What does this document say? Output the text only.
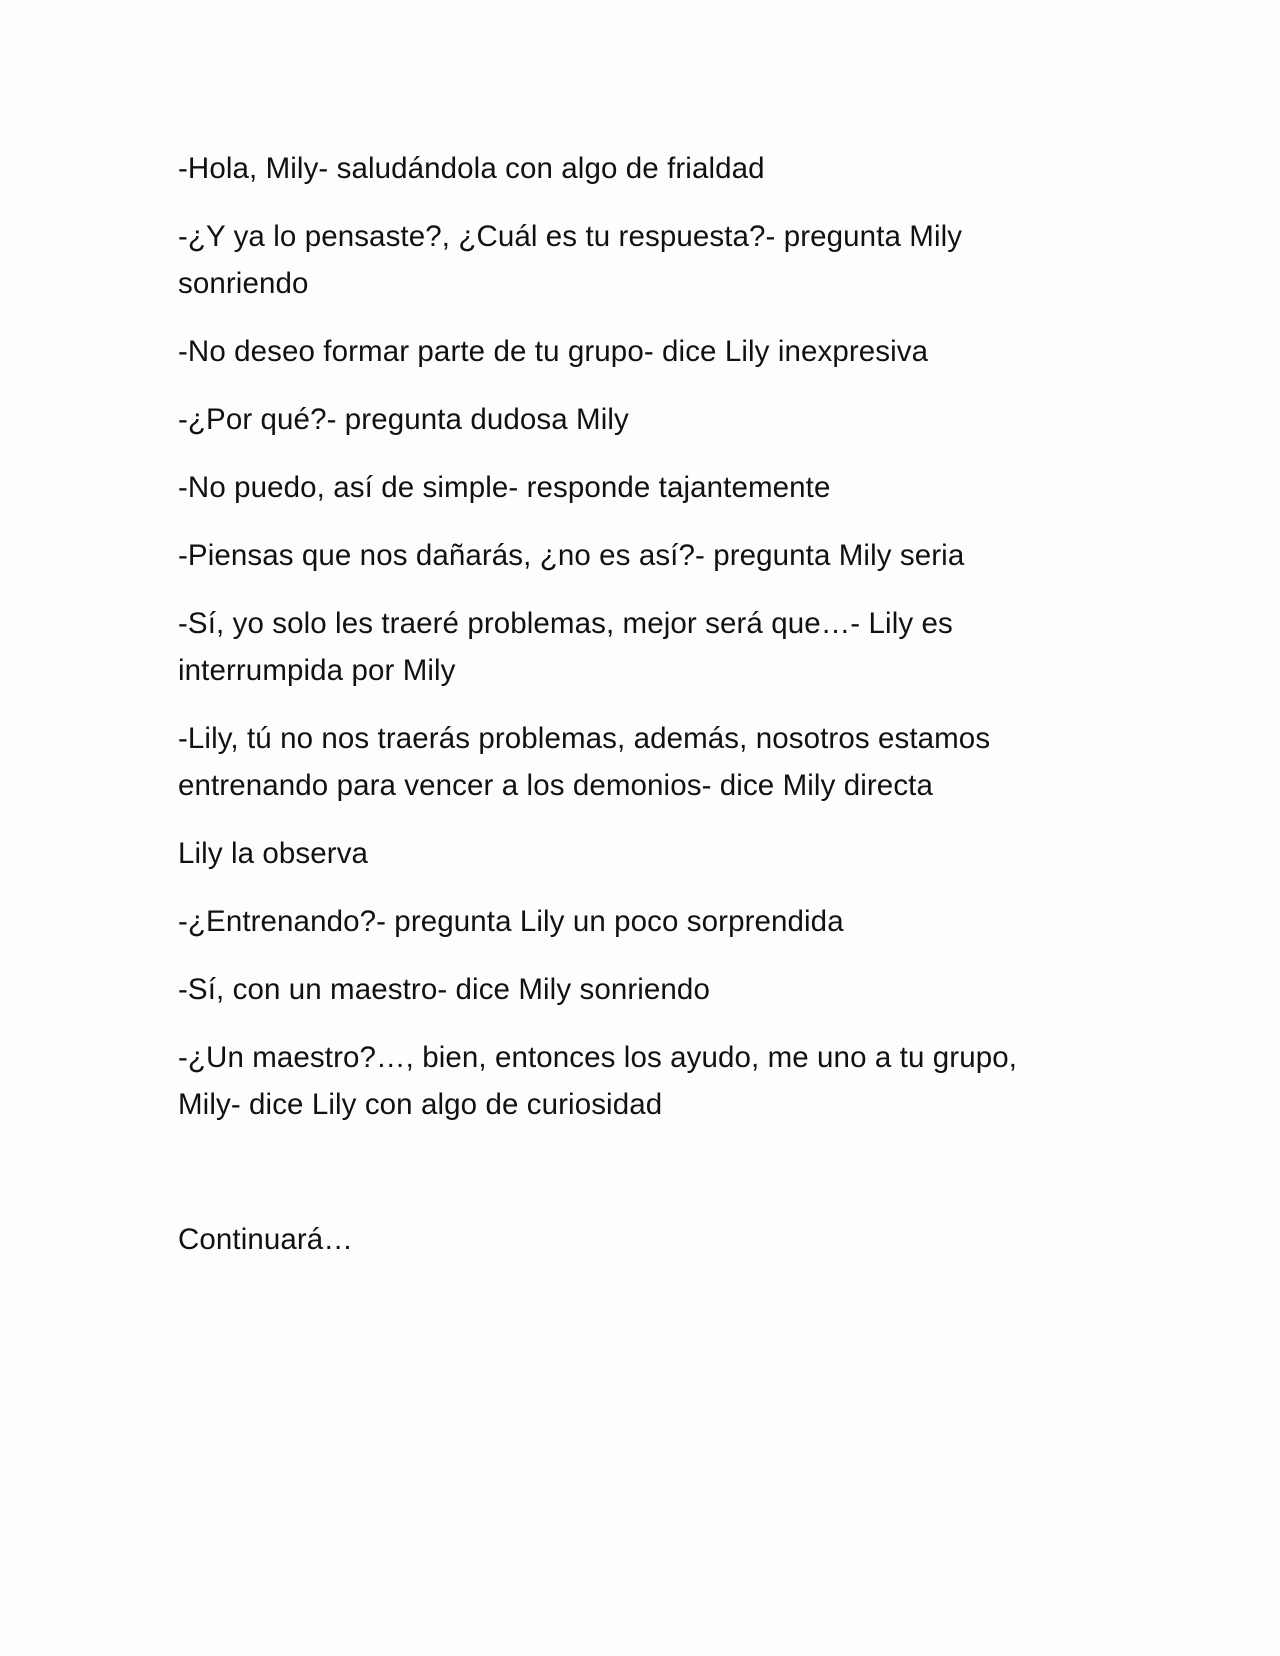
-Hola, Mily- saludándola con algo de frialdad

-¿Y ya lo pensaste?, ¿Cuál es tu respuesta?- pregunta Mily sonriendo

-No deseo formar parte de tu grupo- dice Lily inexpresiva

-¿Por qué?- pregunta dudosa Mily

-No puedo, así de simple- responde tajantemente

-Piensas que nos dañarás, ¿no es así?- pregunta Mily seria

-Sí, yo solo les traeré problemas, mejor será que…- Lily es interrumpida por Mily

-Lily, tú no nos traerás problemas, además, nosotros estamos entrenando para vencer a los demonios- dice Mily directa

Lily la observa

-¿Entrenando?- pregunta Lily un poco sorprendida

-Sí, con un maestro- dice Mily sonriendo

-¿Un maestro?…, bien, entonces los ayudo, me uno a tu grupo, Mily- dice Lily con algo de curiosidad

Continuará…
